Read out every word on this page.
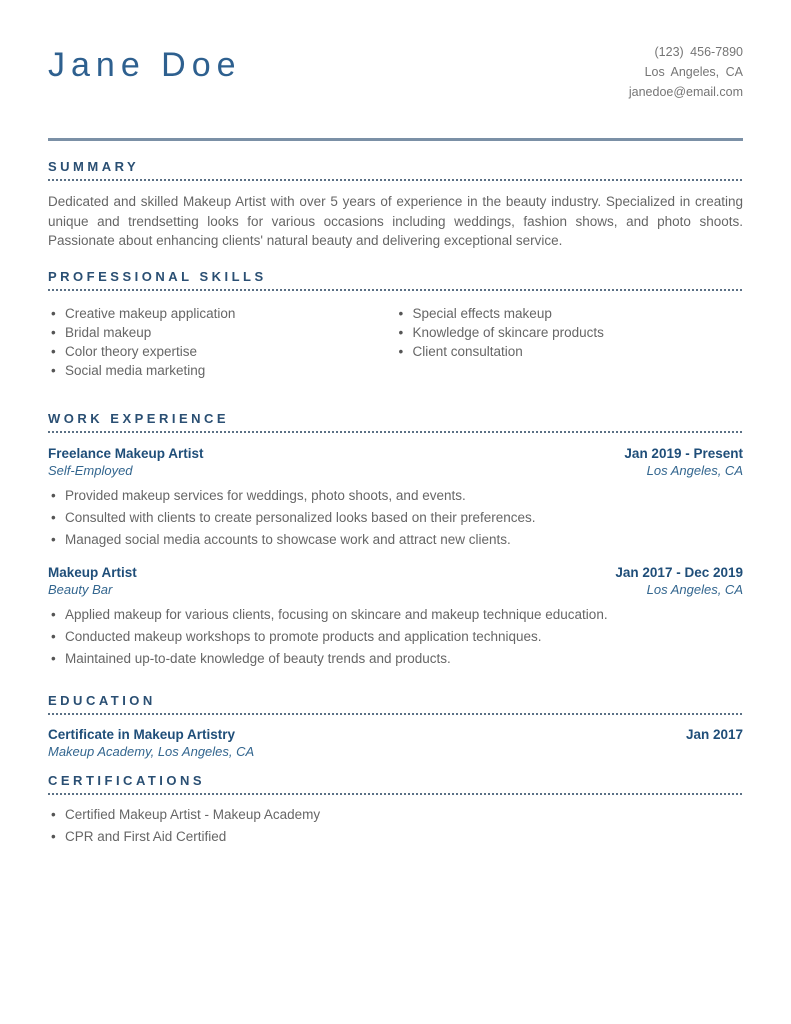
Jane Doe	(123) 456-7890
Los Angeles, CA
janedoe@email.com
SUMMARY

Dedicated and skilled Makeup Artist with over 5 years of experience in the beauty industry. Specialized in creating unique and trendsetting looks for various occasions including weddings, fashion shows, and photo shoots. Passionate about enhancing clients' natural beauty and delivering exceptional service.

PROFESSIONAL SKILLS
• Creative makeup application
• Bridal makeup
• Color theory expertise
• Social media marketing
• Special effects makeup
• Knowledge of skincare products
• Client consultation
WORK EXPERIENCE
Freelance Makeup Artist	Jan 2019 - Present
Self-Employed	Los Angeles, CA
• Provided makeup services for weddings, photo shoots, and events.
• Consulted with clients to create personalized looks based on their preferences.
• Managed social media accounts to showcase work and attract new clients.
Makeup Artist	Jan 2017 - Dec 2019
Beauty Bar	Los Angeles, CA
• Applied makeup for various clients, focusing on skincare and makeup technique education.
• Conducted makeup workshops to promote products and application techniques.
• Maintained up-to-date knowledge of beauty trends and products.
EDUCATION
Certificate in Makeup Artistry	Jan 2017
Makeup Academy, Los Angeles, CA
CERTIFICATIONS
• Certified Makeup Artist - Makeup Academy
• CPR and First Aid Certified
